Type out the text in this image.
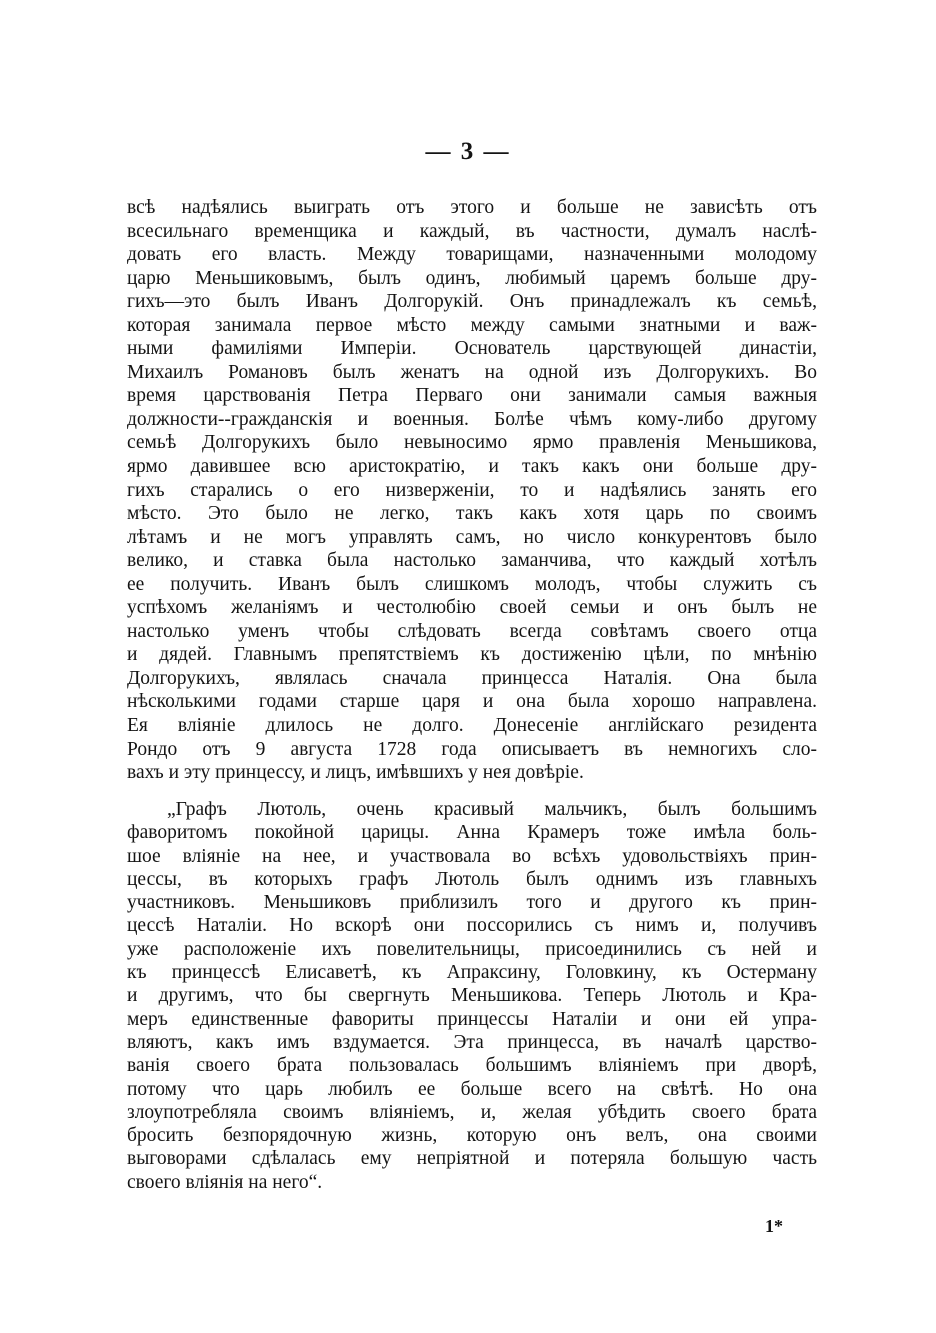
— 3 —
всѣ надѣялись выиграть отъ этого и больше не зависѣть отъ
всесильнаго временщика и каждый, въ частности, думалъ наслѣ-
довать его власть. Между товарищами, назначенными молодому
царю Меньшиковымъ, былъ одинъ, любимый царемъ больше дру-
гихъ—это былъ Иванъ Долгорукій. Онъ принадлежалъ къ семьѣ,
которая занимала первое мѣсто между самыми знатными и важ-
ными фамиліями Имперіи. Основатель царствующей династіи,
Михаилъ Романовъ былъ женатъ на одной изъ Долгорукихъ. Во
время царствованія Петра Перваго они занимали самыя важныя
должности--гражданскія и военныя. Болѣе чѣмъ кому-либо другому
семьѣ Долгорукихъ было невыносимо ярмо правленія Меньшикова,
ярмо давившее всю аристократію, и такъ какъ они больше дру-
гихъ старались о его низверженіи, то и надѣялись занять его
мѣсто. Это было не легко, такъ какъ хотя царь по своимъ
лѣтамъ и не могъ управлять самъ, но число конкурентовъ было
велико, и ставка была настолько заманчива, что каждый хотѣлъ
ее получить. Иванъ былъ слишкомъ молодъ, чтобы служить съ
успѣхомъ желаніямъ и честолюбію своей семьи и онъ былъ не
настолько уменъ чтобы слѣдовать всегда совѣтамъ своего отца
и дядей. Главнымъ препятствіемъ къ достиженію цѣли, по мнѣнію
Долгорукихъ, являлась сначала принцесса Наталія. Она была
нѣсколькими годами старше царя и она была хорошо направлена.
Ея вліяніе длилось не долго. Донесеніе англійскаго резидента
Рондо отъ 9 августа 1728 года описываетъ въ немногихъ сло-
вахъ и эту принцессу, и лицъ, имѣвшихъ у нея довѣріе.
„Графъ Лютоль, очень красивый мальчикъ, былъ большимъ
фаворитомъ покойной царицы. Анна Крамеръ тоже имѣла боль-
шое вліяніе на нее, и участвовала во всѣхъ удовольствіяхъ прин-
цессы, въ которыхъ графъ Лютоль былъ однимъ изъ главныхъ
участниковъ. Меньшиковъ приблизилъ того и другого къ прин-
цессѣ Наталіи. Но вскорѣ они поссорились съ нимъ и, получивъ
уже расположеніе ихъ повелительницы, присоединились съ ней и
къ принцессѣ Елисаветѣ, къ Апраксину, Головкину, къ Остерману
и другимъ, что бы свергнуть Меньшикова. Теперь Лютоль и Кра-
меръ единственные фавориты принцессы Наталіи и они ей упра-
вляютъ, какъ имъ вздумается. Эта принцесса, въ началѣ царство-
ванія своего брата пользовалась большимъ вліяніемъ при дворѣ,
потому что царь любилъ ее больше всего на свѣтѣ. Но она
злоупотребляла своимъ вліяніемъ, и, желая убѣдить своего брата
бросить безпорядочную жизнь, которую онъ велъ, она своими
выговорами сдѣлалась ему непріятной и потеряла большую часть
своего вліянія на него“.
1*
